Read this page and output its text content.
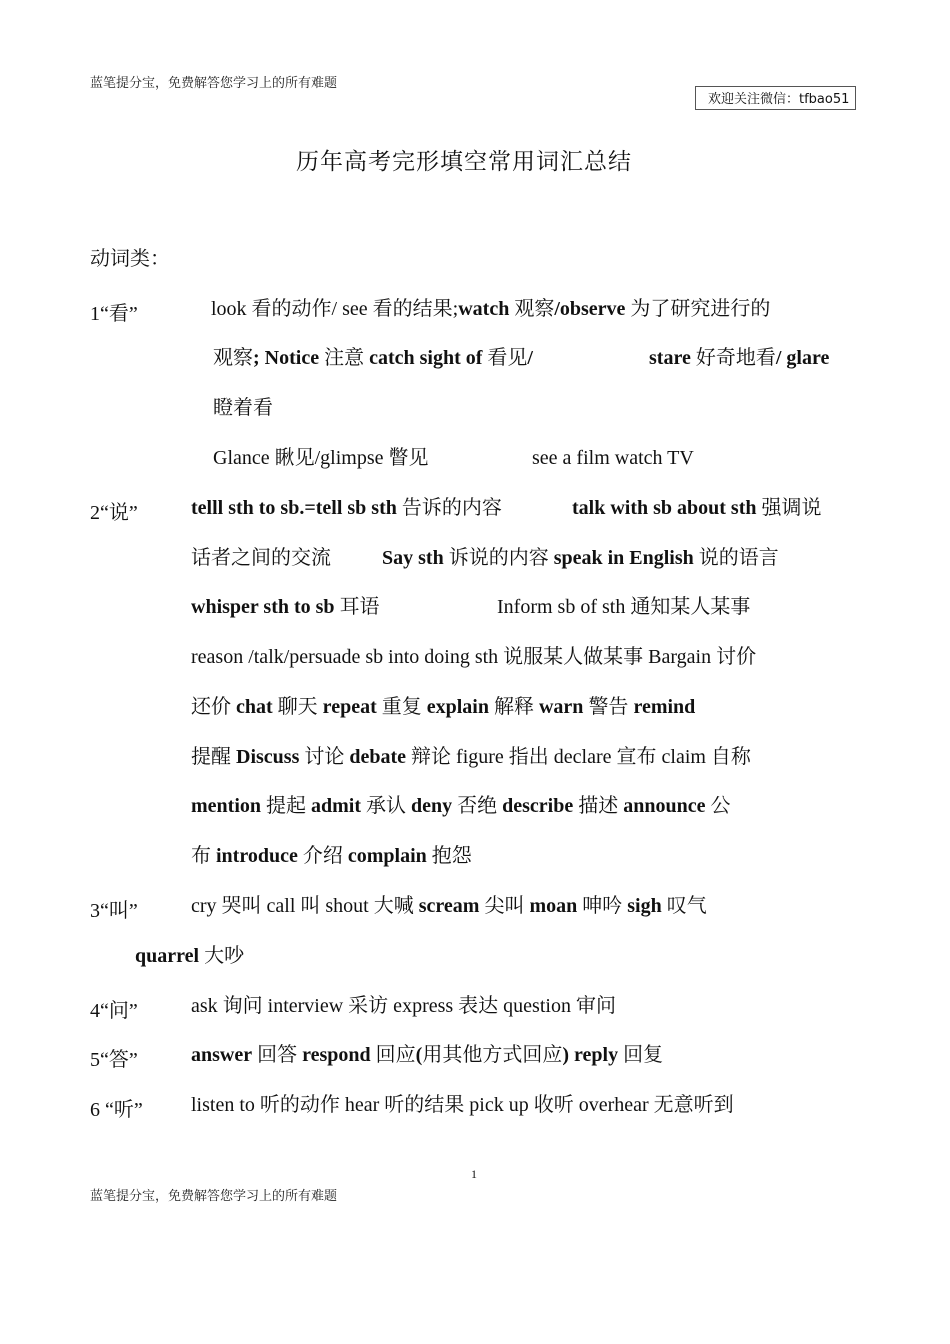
蓝笔提分宝，免费解答您学习上的所有难题
欢迎关注微信：tfbao51
历年高考完形填空常用词汇总结
动词类：
1“看”
2“说”
3“叫”
4“问”
5“答”
6 “听”
look 看的动作/ see 看的结果;watch 观察/observe 为了研究进行的
观察; Notice 注意 catch sight of 看见/	stare 好奇地看/ glare
瞪着看
Glance 瞅见/glimpse 瞥见	see a film watch TV
telll sth to sb.=tell sb sth 告诉的内容	talk with sb about sth 强调说
话者之间的交流	Say sth 诉说的内容 speak in English 说的语言
whisper sth to sb 耳语	Inform sb of sth 通知某人某事
reason /talk/persuade sb into doing sth 说服某人做某事 Bargain 讨价
还价 chat 聊天 repeat 重复 explain 解释 warn 警告 remind
提醒 Discuss 讨论 debate 辩论 figure 指出 declare 宣布 claim 自称
mention 提起 admit 承认 deny 否绝 describe 描述 announce 公
布 introduce 介绍 complain 抱怨
cry 哭叫 call 叫 shout 大喊 scream 尖叫 moan 呻吟 sigh 叹气
quarrel 大吵
ask 询问 interview 采访 express 表达 question 审问
answer 回答 respond 回应(用其他方式回应) reply 回复
listen to 听的动作 hear 听的结果 pick up 收听 overhear 无意听到
1
蓝笔提分宝，免费解答您学习上的所有难题
